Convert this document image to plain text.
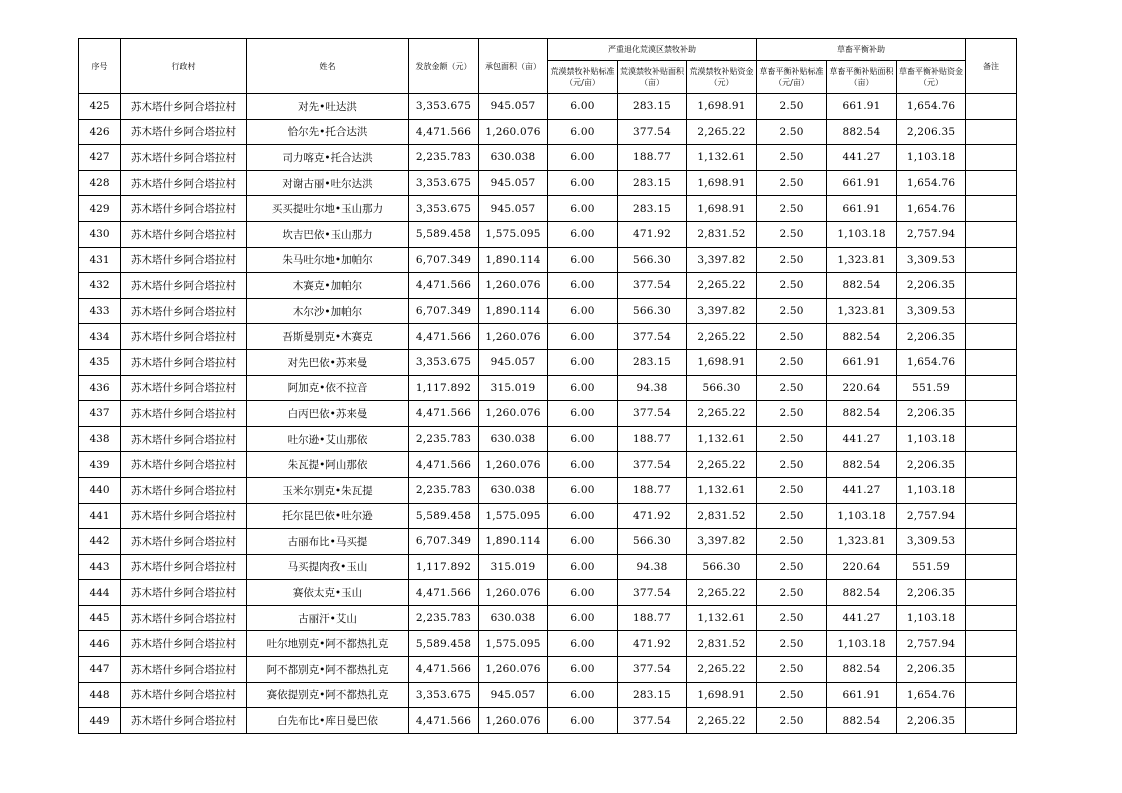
序号	行政村	姓名	发放金额（元）	承包面积（亩）	严重退化荒漠区禁牧补助			草畜平衡补助			备注
					荒漠禁牧补贴标准（元/亩）	荒漠禁牧补贴面积（亩）	荒漠禁牧补贴资金（元）	草畜平衡补贴标准（元/亩）	草畜平衡补贴面积（亩）	草畜平衡补贴资金（元）	
425	苏木塔什乡阿合塔拉村	对先•吐达洪	3,353.675	945.057	6.00	283.15	1,698.91	2.50	661.91	1,654.76	
426	苏木塔什乡阿合塔拉村	恰尔先•托合达洪	4,471.566	1,260.076	6.00	377.54	2,265.22	2.50	882.54	2,206.35	
427	苏木塔什乡阿合塔拉村	司力喀克•托合达洪	2,235.783	630.038	6.00	188.77	1,132.61	2.50	441.27	1,103.18	
428	苏木塔什乡阿合塔拉村	对谢古丽•吐尔达洪	3,353.675	945.057	6.00	283.15	1,698.91	2.50	661.91	1,654.76	
429	苏木塔什乡阿合塔拉村	买买提吐尔地•玉山那力	3,353.675	945.057	6.00	283.15	1,698.91	2.50	661.91	1,654.76	
430	苏木塔什乡阿合塔拉村	坎吉巴依•玉山那力	5,589.458	1,575.095	6.00	471.92	2,831.52	2.50	1,103.18	2,757.94	
431	苏木塔什乡阿合塔拉村	朱马吐尔地•加帕尔	6,707.349	1,890.114	6.00	566.30	3,397.82	2.50	1,323.81	3,309.53	
432	苏木塔什乡阿合塔拉村	木赛克•加帕尔	4,471.566	1,260.076	6.00	377.54	2,265.22	2.50	882.54	2,206.35	
433	苏木塔什乡阿合塔拉村	木尔沙•加帕尔	6,707.349	1,890.114	6.00	566.30	3,397.82	2.50	1,323.81	3,309.53	
434	苏木塔什乡阿合塔拉村	吾斯曼别克•木赛克	4,471.566	1,260.076	6.00	377.54	2,265.22	2.50	882.54	2,206.35	
435	苏木塔什乡阿合塔拉村	对先巴依•苏来曼	3,353.675	945.057	6.00	283.15	1,698.91	2.50	661.91	1,654.76	
436	苏木塔什乡阿合塔拉村	阿加克•依不拉音	1,117.892	315.019	6.00	94.38	566.30	2.50	220.64	551.59	
437	苏木塔什乡阿合塔拉村	白丙巴依•苏来曼	4,471.566	1,260.076	6.00	377.54	2,265.22	2.50	882.54	2,206.35	
438	苏木塔什乡阿合塔拉村	吐尔逊•艾山那依	2,235.783	630.038	6.00	188.77	1,132.61	2.50	441.27	1,103.18	
439	苏木塔什乡阿合塔拉村	朱瓦提•阿山那依	4,471.566	1,260.076	6.00	377.54	2,265.22	2.50	882.54	2,206.35	
440	苏木塔什乡阿合塔拉村	玉米尔别克•朱瓦提	2,235.783	630.038	6.00	188.77	1,132.61	2.50	441.27	1,103.18	
441	苏木塔什乡阿合塔拉村	托尔昆巴依•吐尔逊	5,589.458	1,575.095	6.00	471.92	2,831.52	2.50	1,103.18	2,757.94	
442	苏木塔什乡阿合塔拉村	古丽布比•马买提	6,707.349	1,890.114	6.00	566.30	3,397.82	2.50	1,323.81	3,309.53	
443	苏木塔什乡阿合塔拉村	马买提肉孜•玉山	1,117.892	315.019	6.00	94.38	566.30	2.50	220.64	551.59	
444	苏木塔什乡阿合塔拉村	赛依太克•玉山	4,471.566	1,260.076	6.00	377.54	2,265.22	2.50	882.54	2,206.35	
445	苏木塔什乡阿合塔拉村	古丽汗•艾山	2,235.783	630.038	6.00	188.77	1,132.61	2.50	441.27	1,103.18	
446	苏木塔什乡阿合塔拉村	吐尔地别克•阿不都热扎克	5,589.458	1,575.095	6.00	471.92	2,831.52	2.50	1,103.18	2,757.94	
447	苏木塔什乡阿合塔拉村	阿不都别克•阿不都热扎克	4,471.566	1,260.076	6.00	377.54	2,265.22	2.50	882.54	2,206.35	
448	苏木塔什乡阿合塔拉村	赛依提别克•阿不都热扎克	3,353.675	945.057	6.00	283.15	1,698.91	2.50	661.91	1,654.76	
449	苏木塔什乡阿合塔拉村	白先布比•库日曼巴依	4,471.566	1,260.076	6.00	377.54	2,265.22	2.50	882.54	2,206.35	
